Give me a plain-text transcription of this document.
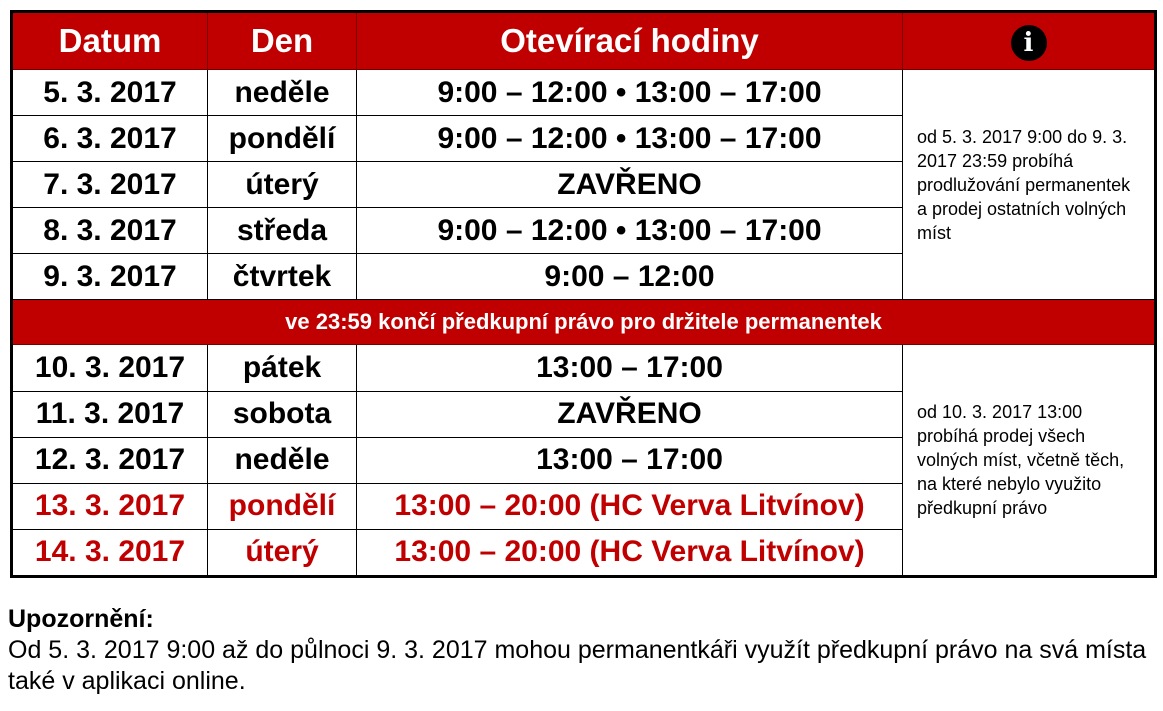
Datum	Den	Otevírací hodiny	i
5. 3. 2017	neděle	9:00 – 12:00 • 13:00 – 17:00	od 5. 3. 2017 9:00 do 9. 3. 2017 23:59 probíhá prodlužování permanentek a prodej ostatních volných míst
6. 3. 2017	pondělí	9:00 – 12:00 • 13:00 – 17:00	
7. 3. 2017	úterý	ZAVŘENO	
8. 3. 2017	středa	9:00 – 12:00 • 13:00 – 17:00	
9. 3. 2017	čtvrtek	9:00 – 12:00	
ve 23:59 končí předkupní právo pro držitele permanentek			
10. 3. 2017	pátek	13:00 – 17:00	od 10. 3. 2017 13:00 probíhá prodej všech volných míst, včetně těch, na které nebylo využito předkupní právo
11. 3. 2017	sobota	ZAVŘENO	
12. 3. 2017	neděle	13:00 – 17:00	
13. 3. 2017	pondělí	13:00 – 20:00 (HC Verva Litvínov)	
14. 3. 2017	úterý	13:00 – 20:00 (HC Verva Litvínov)	
Upozornění:
Od 5. 3. 2017 9:00 až do půlnoci 9. 3. 2017 mohou permanentkáři využít předkupní právo na svá místa také v aplikaci online.
